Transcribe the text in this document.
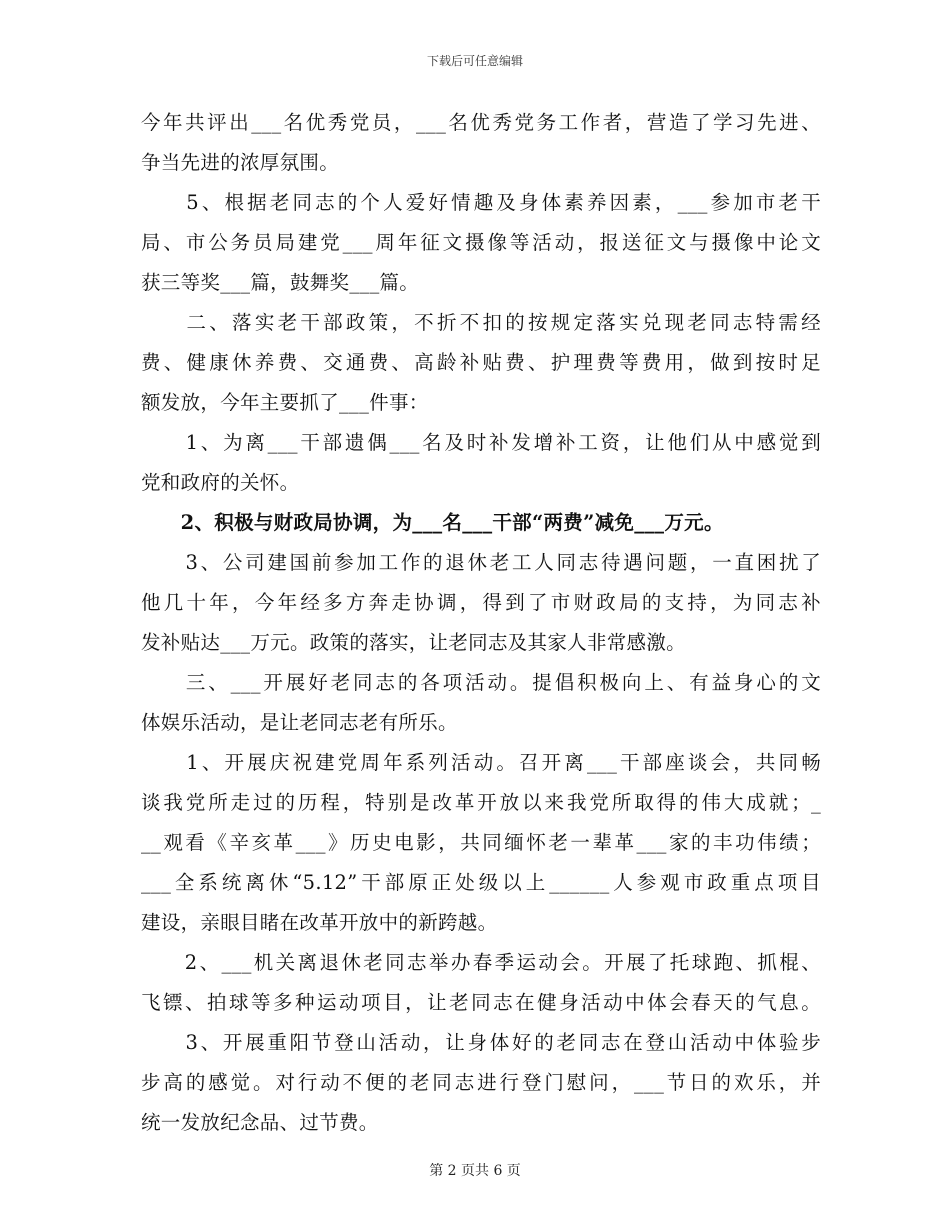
下载后可任意编辑
今年共评出___名优秀党员，___名优秀党务工作者，营造了学习先进、
争当先进的浓厚氛围。
　　5、根据老同志的个人爱好情趣及身体素养因素，___参加市老干
局、市公务员局建党___周年征文摄像等活动，报送征文与摄像中论文
获三等奖___篇，鼓舞奖___篇。
　　二、落实老干部政策，不折不扣的按规定落实兑现老同志特需经
费、健康休养费、交通费、高龄补贴费、护理费等费用，做到按时足
额发放，今年主要抓了___件事：
　　1、为离___干部遗偶___名及时补发增补工资，让他们从中感觉到
党和政府的关怀。
　　2、积极与财政局协调，为___名___干部“两费”减免___万元。
　　3、公司建国前参加工作的退休老工人同志待遇问题，一直困扰了
他几十年，今年经多方奔走协调，得到了市财政局的支持，为同志补
发补贴达___万元。政策的落实，让老同志及其家人非常感激。
　　三、___开展好老同志的各项活动。提倡积极向上、有益身心的文
体娱乐活动，是让老同志老有所乐。
　　1、开展庆祝建党周年系列活动。召开离___干部座谈会，共同畅
谈我党所走过的历程，特别是改革开放以来我党所取得的伟大成就；_
__观看《辛亥革___》历史电影，共同缅怀老一辈革___家的丰功伟绩；
___全系统离休“5.12”干部原正处级以上______人参观市政重点项目
建设，亲眼目睹在改革开放中的新跨越。
　　2、___机关离退休老同志举办春季运动会。开展了托球跑、抓棍、
飞镖、拍球等多种运动项目，让老同志在健身活动中体会春天的气息。
　　3、开展重阳节登山活动，让身体好的老同志在登山活动中体验步
步高的感觉。对行动不便的老同志进行登门慰问，___节日的欢乐，并
统一发放纪念品、过节费。
第 2 页共 6 页
